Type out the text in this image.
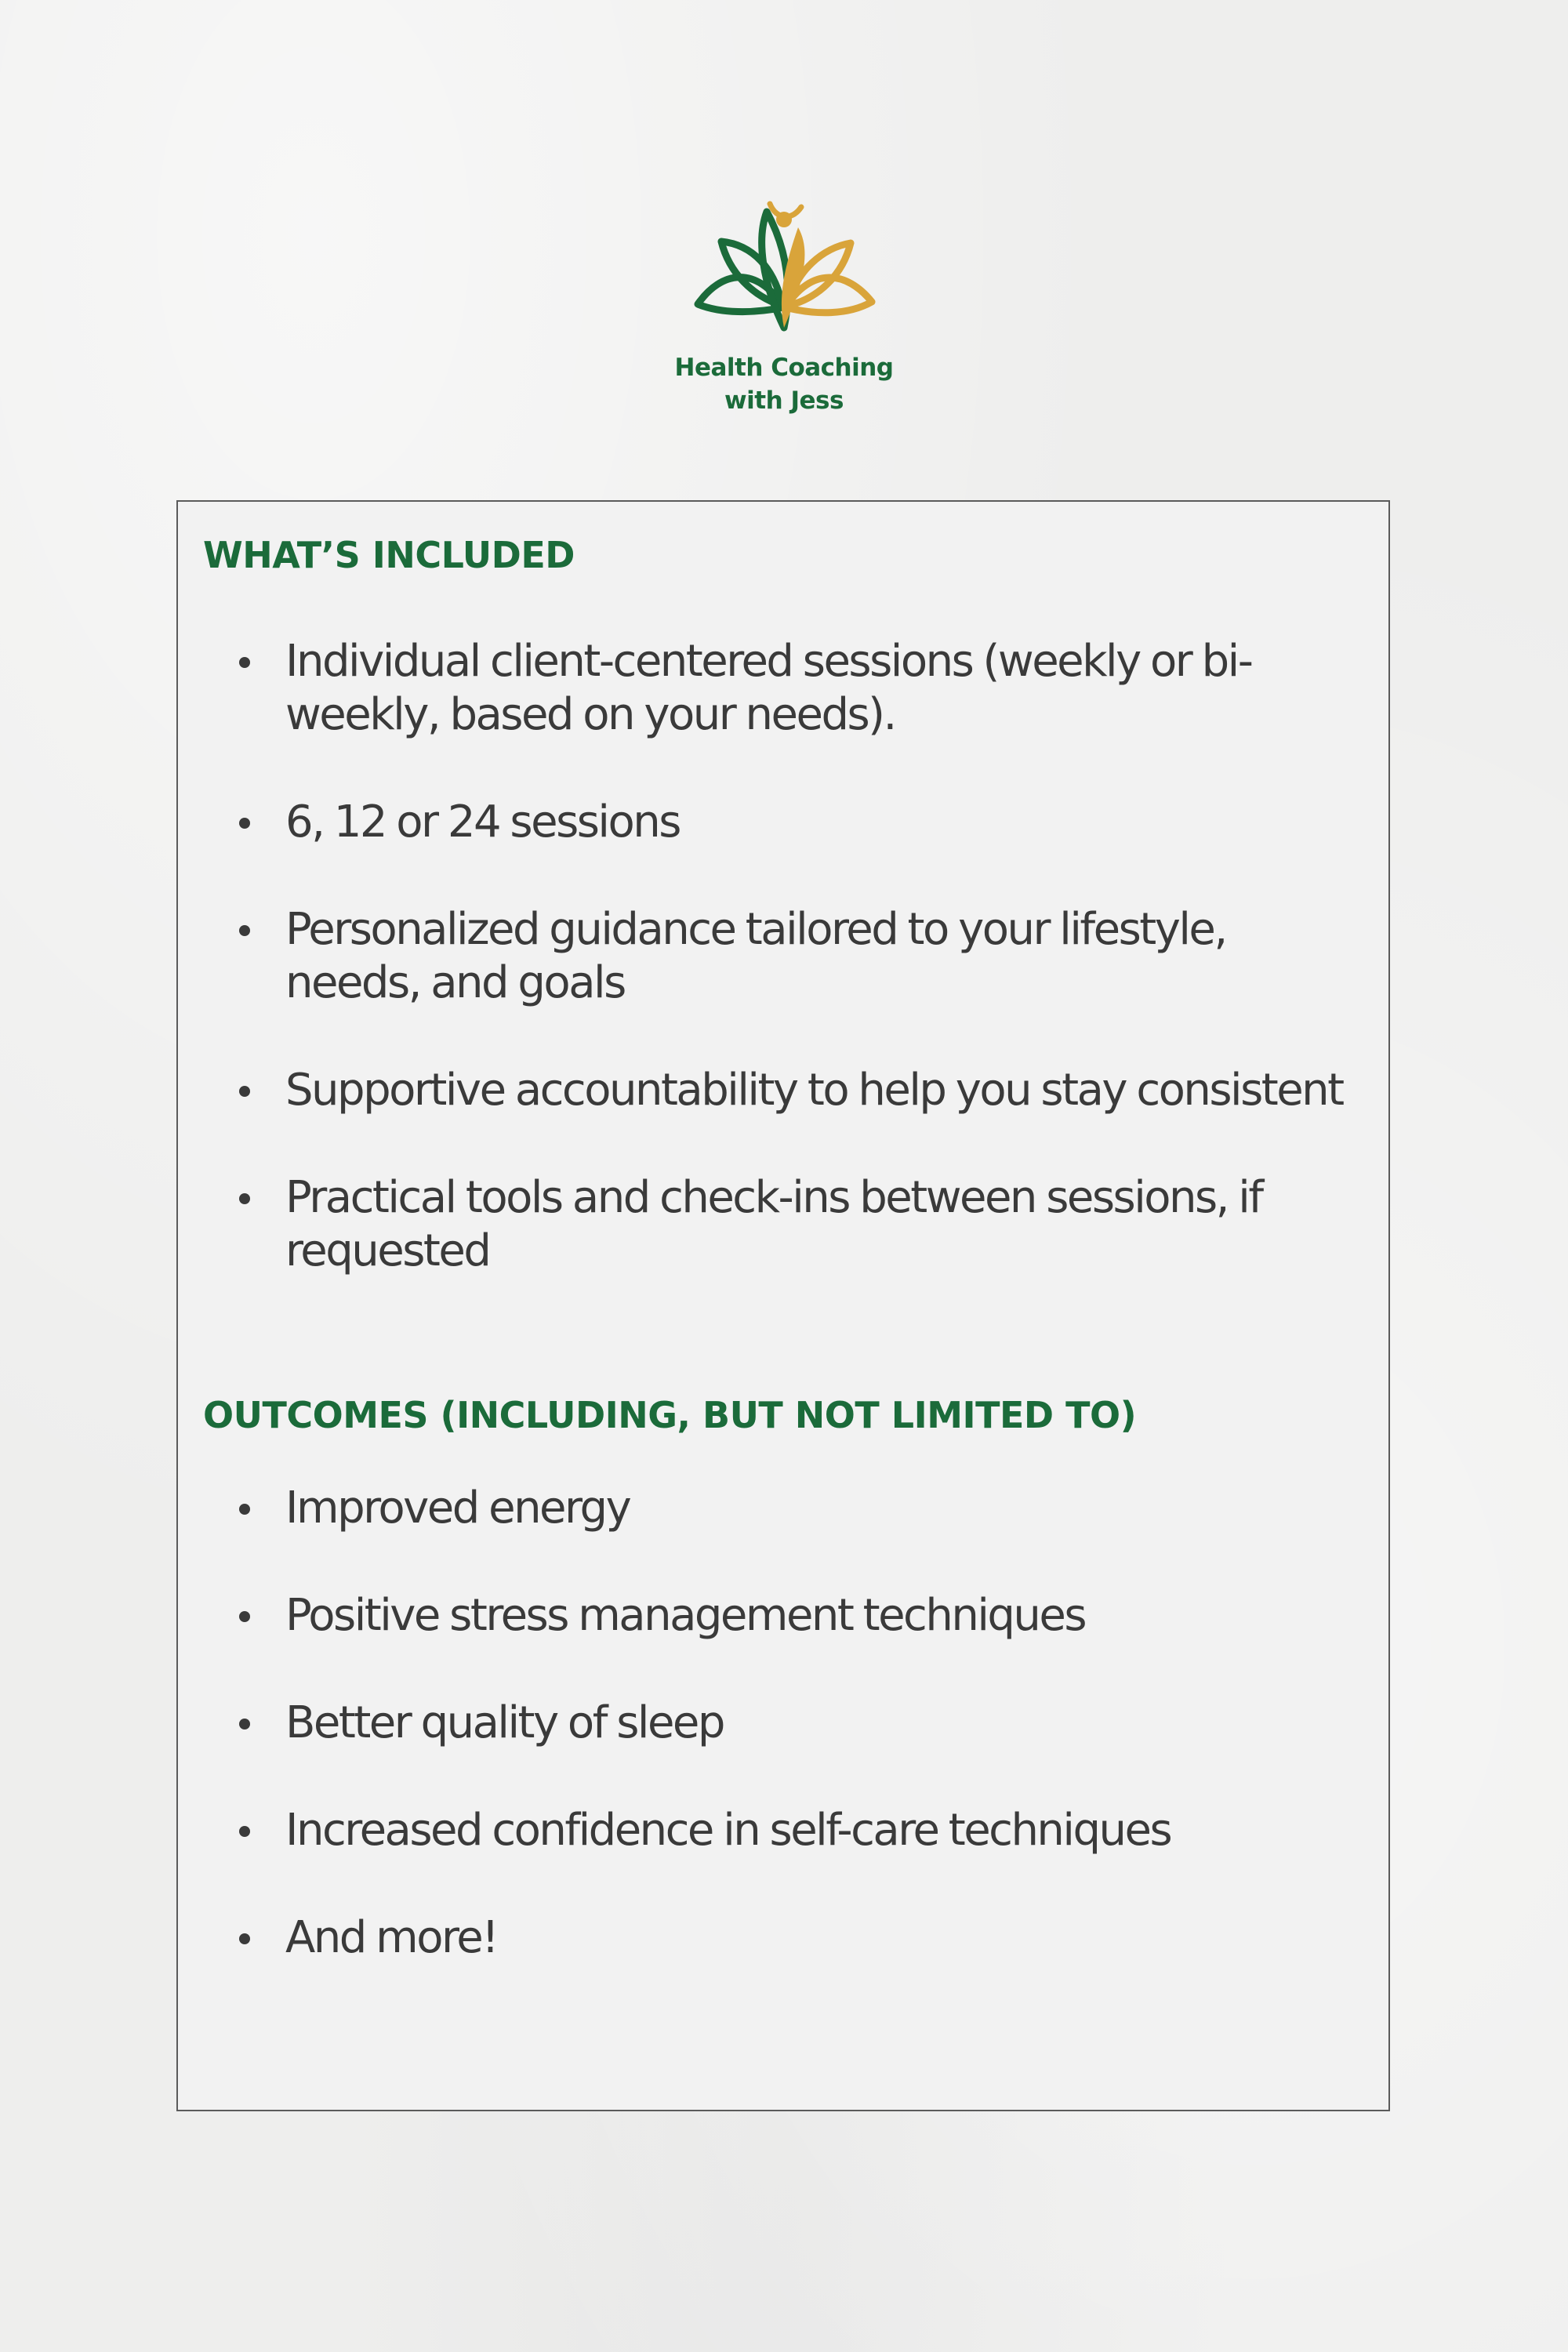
Health Coaching
with Jess
WHAT’S INCLUDED
Individual client-centered sessions (weekly or bi-weekly, based on your needs).
6, 12 or 24 sessions
Personalized guidance tailored to your lifestyle, needs, and goals
Supportive accountability to help you stay consistent
Practical tools and check-ins between sessions, if requested
OUTCOMES (INCLUDING, BUT NOT LIMITED TO)
Improved energy
Positive stress management techniques
Better quality of sleep
Increased confidence in self-care techniques
And more!
